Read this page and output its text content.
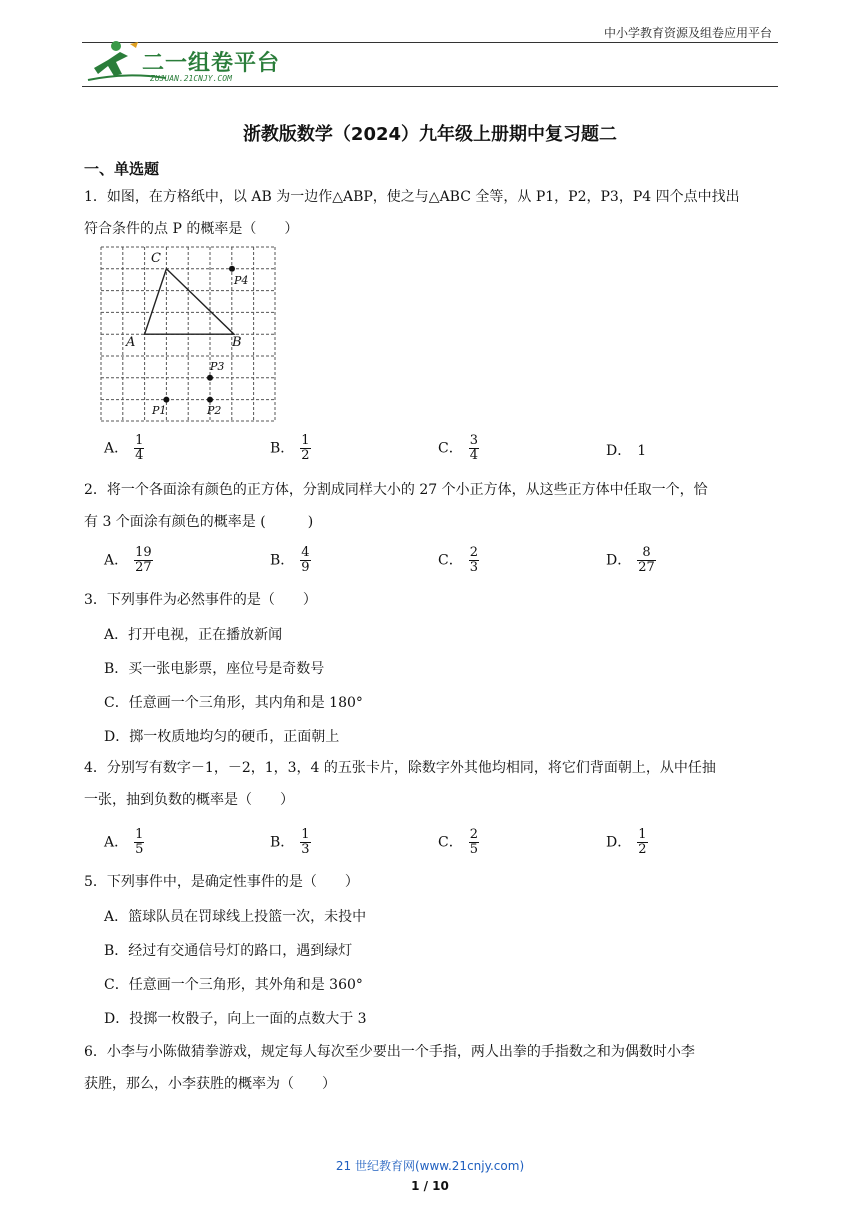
中小学教育资源及组卷应用平台
二一组卷平台
ZUJUAN.21CNJY.COM
浙教版数学（2024）九年级上册期中复习题二
一、单选题
1．如图，在方格纸中，以 AB 为一边作△ABP，使之与△ABC 全等，从 P1，P2，P3，P4 四个点中找出
符合条件的点 P 的概率是（　　）
C
A	B
P4
P3
P1	P2
A． $\frac{1}{4}$	B． $\frac{1}{2}$	C． $\frac{3}{4}$	D． 1
2．将一个各面涂有颜色的正方体，分割成同样大小的 27 个小正方体，从这些正方体中任取一个，恰
有 3 个面涂有颜色的概率是 (　　　)
A． $\frac{19}{27}$	B． $\frac{4}{9}$	C． $\frac{2}{3}$	D． $\frac{8}{27}$
3．下列事件为必然事件的是（　　）
A．打开电视，正在播放新闻
B．买一张电影票，座位号是奇数号
C．任意画一个三角形，其内角和是 180°
D．掷一枚质地均匀的硬币，正面朝上
4．分别写有数字－1，－2，1，3，4 的五张卡片，除数字外其他均相同，将它们背面朝上，从中任抽
一张，抽到负数的概率是（　　）
A． $\frac{1}{5}$	B． $\frac{1}{3}$	C． $\frac{2}{5}$	D． $\frac{1}{2}$
5．下列事件中，是确定性事件的是（　　）
A．篮球队员在罚球线上投篮一次，未投中
B．经过有交通信号灯的路口，遇到绿灯
C．任意画一个三角形，其外角和是 360°
D．投掷一枚骰子，向上一面的点数大于 3
6．小李与小陈做猜拳游戏，规定每人每次至少要出一个手指，两人出拳的手指数之和为偶数时小李
获胜，那么，小李获胜的概率为（　　）
21 世纪教育网(www.21cnjy.com)
1 / 10
